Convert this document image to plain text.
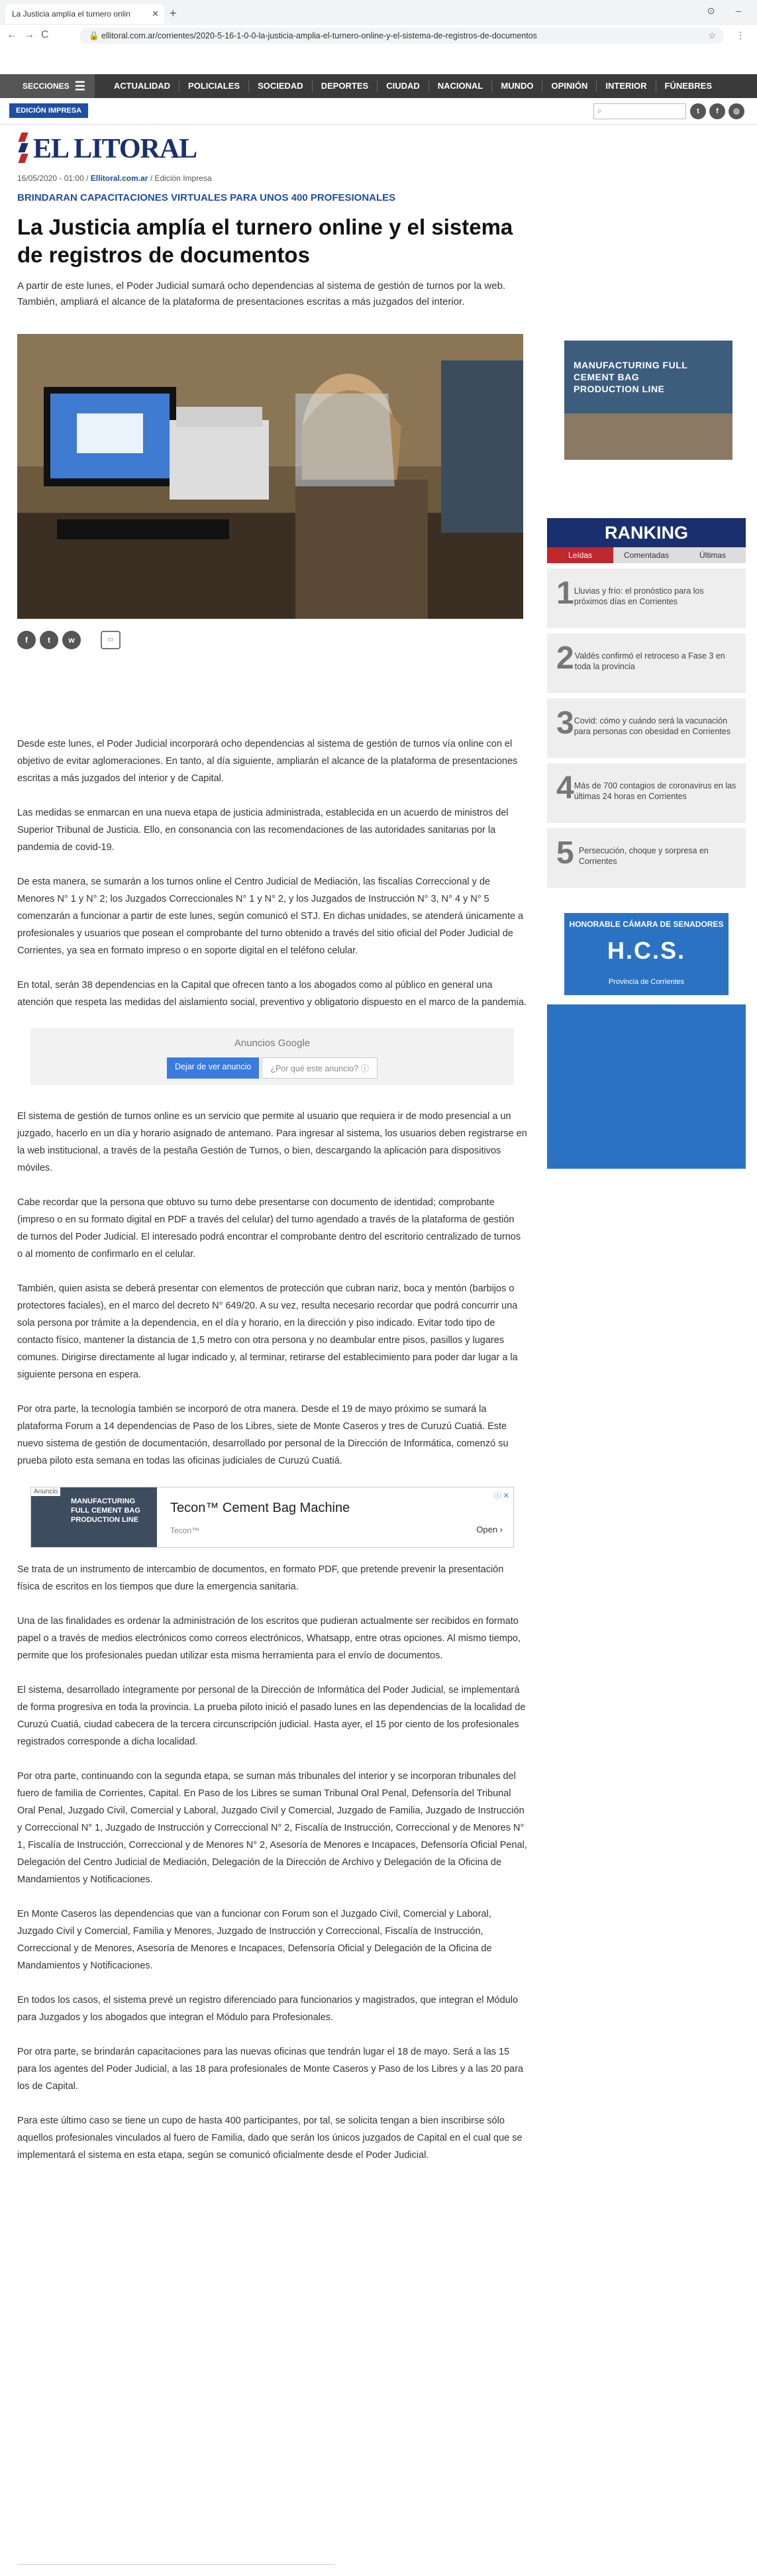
La Justicia amplía el turnero onlin ✕ +	⊙ –
←→C	🔒 ellitoral.com.ar/corrientes/2020-5-16-1-0-0-la-justicia-amplia-el-turnero-online-y-el-sistema-de-registros-de-documentos	☆ ⋮
SECCIONES ☰	ACTUALIDAD	POLICIALES	SOCIEDAD	DEPORTES	CIUDAD	NACIONAL	MUNDO	OPINIÓN	INTERIOR	FÚNEBRES
EDICIÓN IMPRESA	⌕	t	f	◎
EL LITORAL
16/05/2020 - 01:00 / Ellitoral.com.ar / Edición Impresa
BRINDARAN CAPACITACIONES VIRTUALES PARA UNOS 400 PROFESIONALES
La Justicia amplía el turnero online y el sistema de registros de documentos
A partir de este lunes, el Poder Judicial sumará ocho dependencias al sistema de gestión de turnos por la web. También, ampliará el alcance de la plataforma de presentaciones escritas a más juzgados del interior.
f	t	w	▭

Desde este lunes, el Poder Judicial incorporará ocho dependencias al sistema de gestión de turnos vía online con el objetivo de evitar aglomeraciones. En tanto, al día siguiente, ampliarán el alcance de la plataforma de presentaciones escritas a más juzgados del interior y de Capital.

Las medidas se enmarcan en una nueva etapa de justicia administrada, establecida en un acuerdo de ministros del Superior Tribunal de Justicia. Ello, en consonancia con las recomendaciones de las autoridades sanitarias por la pandemia de covid-19.

De esta manera, se sumarán a los turnos online el Centro Judicial de Mediación, las fiscalías Correccional y de Menores N° 1 y N° 2; los Juzgados Correccionales N° 1 y N° 2, y los Juzgados de Instrucción N° 3, N° 4 y N° 5 comenzarán a funcionar a partir de este lunes, según comunicó el STJ. En dichas unidades, se atenderá únicamente a profesionales y usuarios que posean el comprobante del turno obtenido a través del sitio oficial del Poder Judicial de Corrientes, ya sea en formato impreso o en soporte digital en el teléfono celular.

En total, serán 38 dependencias en la Capital que ofrecen tanto a los abogados como al público en general una atención que respeta las medidas del aislamiento social, preventivo y obligatorio dispuesto en el marco de la pandemia.

Anuncios Google
Dejar de ver anuncio	¿Por qué este anuncio? ⓘ

El sistema de gestión de turnos online es un servicio que permite al usuario que requiera ir de modo presencial a un juzgado, hacerlo en un día y horario asignado de antemano. Para ingresar al sistema, los usuarios deben registrarse en la web institucional, a través de la pestaña Gestión de Turnos, o bien, descargando la aplicación para dispositivos móviles.

Cabe recordar que la persona que obtuvo su turno debe presentarse con documento de identidad; comprobante (impreso o en su formato digital en PDF a través del celular) del turno agendado a través de la plataforma de gestión de turnos del Poder Judicial. El interesado podrá encontrar el comprobante dentro del escritorio centralizado de turnos o al momento de confirmarlo en el celular.

También, quien asista se deberá presentar con elementos de protección que cubran nariz, boca y mentón (barbijos o protectores faciales), en el marco del decreto N° 649/20. A su vez, resulta necesario recordar que podrá concurrir una sola persona por trámite a la dependencia, en el día y horario, en la dirección y piso indicado. Evitar todo tipo de contacto físico, mantener la distancia de 1,5 metro con otra persona y no deambular entre pisos, pasillos y lugares comunes. Dirigirse directamente al lugar indicado y, al terminar, retirarse del establecimiento para poder dar lugar a la siguiente persona en espera.

Por otra parte, la tecnología también se incorporó de otra manera. Desde el 19 de mayo próximo se sumará la plataforma Forum a 14 dependencias de Paso de los Libres, siete de Monte Caseros y tres de Curuzú Cuatiá. Este nuevo sistema de gestión de documentación, desarrollado por personal de la Dirección de Informática, comenzó su prueba piloto esta semana en todas las oficinas judiciales de Curuzú Cuatiá.

MANUFACTURING FULL CEMENT BAG PRODUCTION LINE
Anuncio
Tecon™ Cement Bag Machine
Tecon™	Open ›
ⓘ ✕

Se trata de un instrumento de intercambio de documentos, en formato PDF, que pretende prevenir la presentación física de escritos en los tiempos que dure la emergencia sanitaria.

Una de las finalidades es ordenar la administración de los escritos que pudieran actualmente ser recibidos en formato papel o a través de medios electrónicos como correos electrónicos, Whatsapp, entre otras opciones. Al mismo tiempo, permite que los profesionales puedan utilizar esta misma herramienta para el envío de documentos.

El sistema, desarrollado íntegramente por personal de la Dirección de Informática del Poder Judicial, se implementará de forma progresiva en toda la provincia. La prueba piloto inició el pasado lunes en las dependencias de la localidad de Curuzú Cuatiá, ciudad cabecera de la tercera circunscripción judicial. Hasta ayer, el 15 por ciento de los profesionales registrados corresponde a dicha localidad.

Por otra parte, continuando con la segunda etapa, se suman más tribunales del interior y se incorporan tribunales del fuero de familia de Corrientes, Capital. En Paso de los Libres se suman Tribunal Oral Penal, Defensoría del Tribunal Oral Penal, Juzgado Civil, Comercial y Laboral, Juzgado Civil y Comercial, Juzgado de Familia, Juzgado de Instrucción y Correccional N° 1, Juzgado de Instrucción y Correccional N° 2, Fiscalía de Instrucción, Correccional y de Menores N° 1, Fiscalía de Instrucción, Correccional y de Menores N° 2, Asesoría de Menores e Incapaces, Defensoría Oficial Penal, Delegación del Centro Judicial de Mediación, Delegación de la Dirección de Archivo y Delegación de la Oficina de Mandamientos y Notificaciones.

En Monte Caseros las dependencias que van a funcionar con Forum son el Juzgado Civil, Comercial y Laboral, Juzgado Civil y Comercial, Familia y Menores, Juzgado de Instrucción y Correccional, Fiscalía de Instrucción, Correccional y de Menores, Asesoría de Menores e Incapaces, Defensoría Oficial y Delegación de la Oficina de Mandamientos y Notificaciones.

En todos los casos, el sistema prevé un registro diferenciado para funcionarios y magistrados, que integran el Módulo para Juzgados y los abogados que integran el Módulo para Profesionales.

Por otra parte, se brindarán capacitaciones para las nuevas oficinas que tendrán lugar el 18 de mayo. Será a las 15 para los agentes del Poder Judicial, a las 18 para profesionales de Monte Caseros y Paso de los Libres y a las 20 para los de Capital.

Para este último caso se tiene un cupo de hasta 400 participantes, por tal, se solicita tengan a bien inscribirse sólo aquellos profesionales vinculados al fuero de Familia, dado que serán los únicos juzgados de Capital en el cual que se implementará el sistema en esta etapa, según se comunicó oficialmente desde el Poder Judicial.

MANUFACTURING FULL CEMENT BAG PRODUCTION LINE
RANKING
Leídas	Comentadas	Últimas
1 Lluvias y frío: el pronóstico para los próximos días en Corrientes
2 Valdés confirmó el retroceso a Fase 3 en toda la provincia
3 Covid: cómo y cuándo será la vacunación para personas con obesidad en Corrientes
4 Más de 700 contagios de coronavirus en las últimas 24 horas en Corrientes
5 Persecución, choque y sorpresa en Corrientes
HONORABLE CÁMARA DE SENADORES
H.C.S.
Provincia de Corrientes
